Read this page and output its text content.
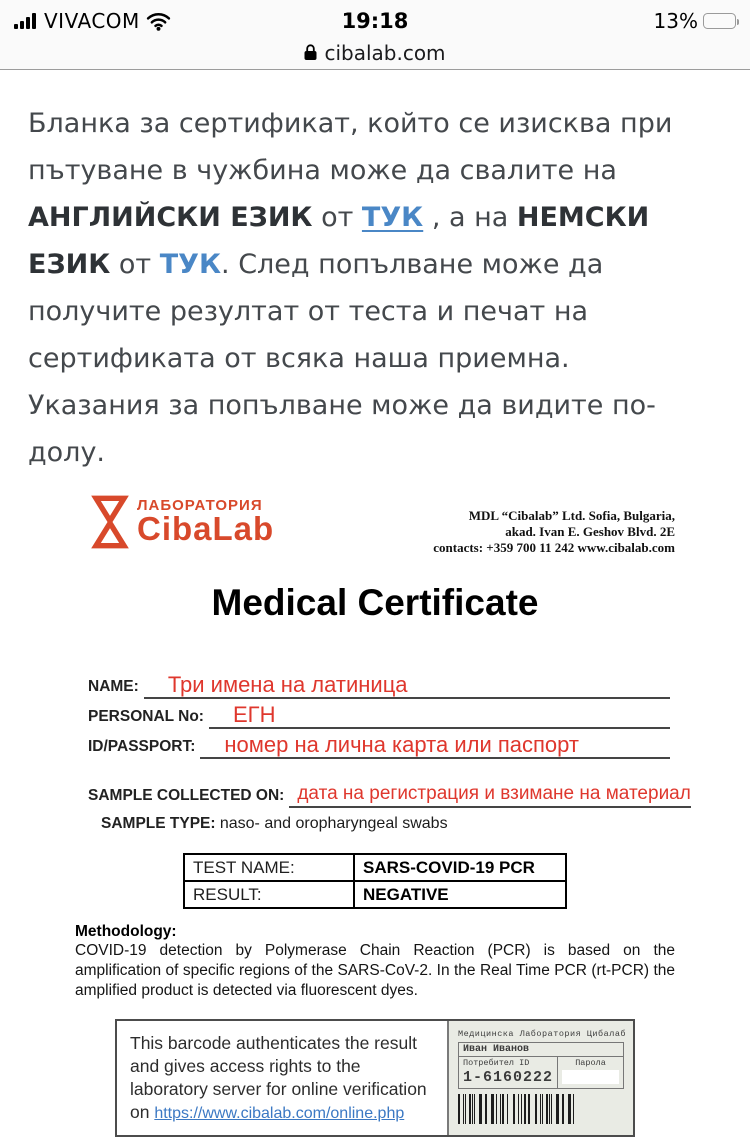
VIVACOM	19:18	13%
cibalab.com

Бланка за сертификат, който се изисква при пътуване в чужбина може да свалите на АНГЛИЙСКИ ЕЗИК от ТУК , а на НЕМСКИ ЕЗИК от ТУК. След попълване може да получите резултат от теста и печат на сертификата от всяка наша приемна. Указания за попълване може да видите по-долу.

ЛАБОРАТОРИЯ
CibaLab	MDL “Cibalab” Ltd. Sofia, Bulgaria,
akad. Ivan E. Geshov Blvd. 2E
contacts: +359 700 11 242 www.cibalab.com
Medical Certificate
NAME:	Три имена на латиница
PERSONAL No:	ЕГН
ID/PASSPORT:	номер на лична карта или паспорт
SAMPLE COLLECTED ON: дата на регистрация и взимане на материал
SAMPLE TYPE: naso- and oropharyngeal swabs
TEST NAME:	SARS-COVID-19 PCR
RESULT:	NEGATIVE
Methodology:
COVID-19 detection by Polymerase Chain Reaction (PCR) is based on the amplification of specific regions of the SARS-CoV-2. In the Real Time PCR (rt-PCR) the amplified product is detected via fluorescent dyes.
This barcode authenticates the result and gives access rights to the laboratory server for online verification on https://www.cibalab.com/online.php
Медицинска Лаборатория Цибалаб
Иван Иванов
Потребител ID
1-6160222
Парола
